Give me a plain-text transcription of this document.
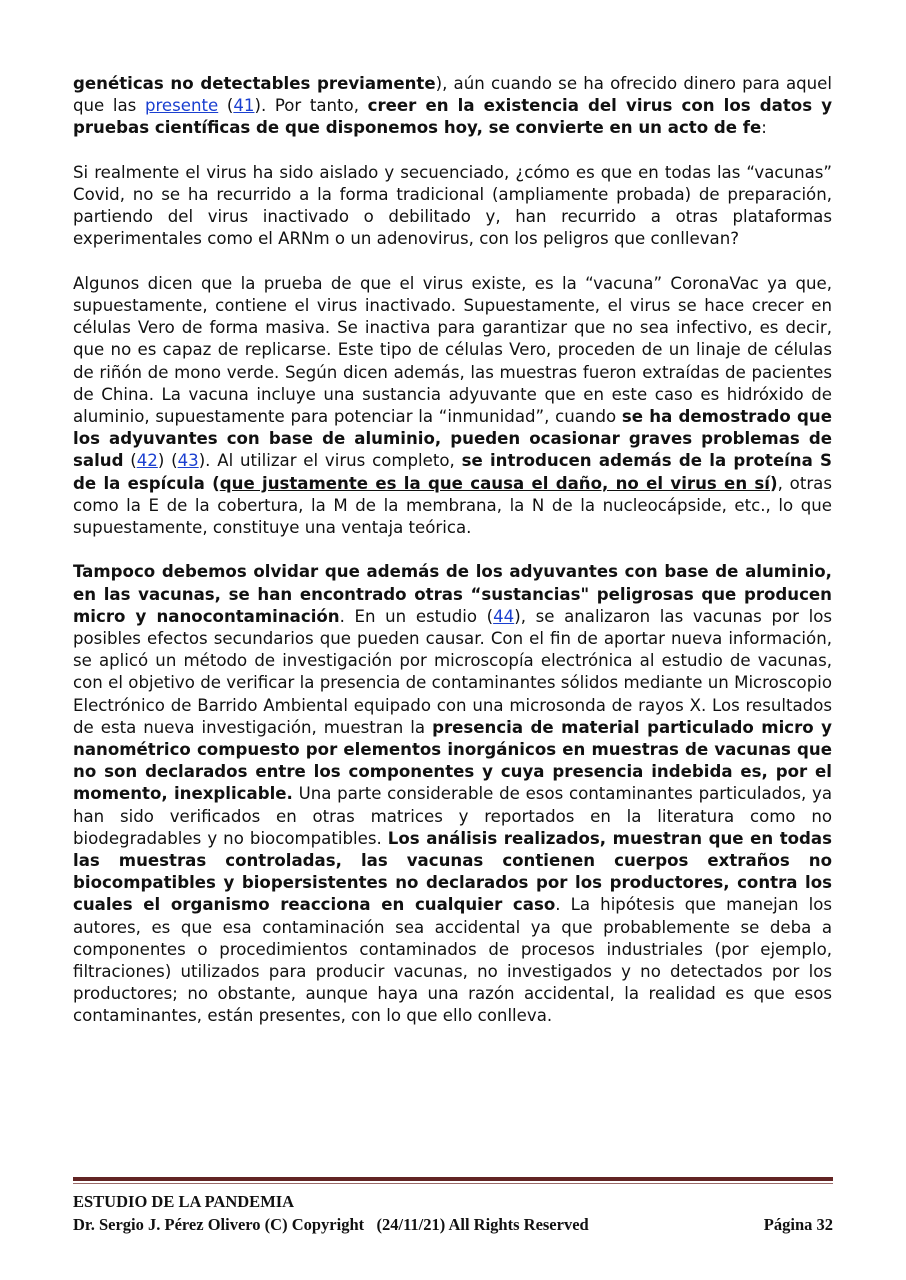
genéticas no detectables previamente), aún cuando se ha ofrecido dinero para aquel que las presente (41). Por tanto, creer en la existencia del virus con los datos y pruebas científicas de que disponemos hoy, se convierte en un acto de fe:

Si realmente el virus ha sido aislado y secuenciado, ¿cómo es que en todas las “vacunas” Covid, no se ha recurrido a la forma tradicional (ampliamente probada) de preparación, partiendo del virus inactivado o debilitado y, han recurrido a otras plataformas experimentales como el ARNm o un adenovirus, con los peligros que conllevan?

Algunos dicen que la prueba de que el virus existe, es la “vacuna” CoronaVac ya que, supuestamente, contiene el virus inactivado. Supuestamente, el virus se hace crecer en células Vero de forma masiva. Se inactiva para garantizar que no sea infectivo, es decir, que no es capaz de replicarse. Este tipo de células Vero, proceden de un linaje de células de riñón de mono verde. Según dicen además, las muestras fueron extraídas de pacientes de China. La vacuna incluye una sustancia adyuvante que en este caso es hidróxido de aluminio, supuestamente para potenciar la “inmunidad”, cuando se ha demostrado que los adyuvantes con base de aluminio, pueden ocasionar graves problemas de salud (42) (43). Al utilizar el virus completo, se introducen además de la proteína S de la espícula (que justamente es la que causa el daño, no el virus en sí), otras como la E de la cobertura, la M de la membrana, la N de la nucleocápside, etc., lo que supuestamente, constituye una ventaja teórica.

Tampoco debemos olvidar que además de los adyuvantes con base de aluminio, en las vacunas, se han encontrado otras “sustancias" peligrosas que producen micro y nanocontaminación. En un estudio (44), se analizaron las vacunas por los posibles efectos secundarios que pueden causar. Con el fin de aportar nueva información, se aplicó un método de investigación por microscopía electrónica al estudio de vacunas, con el objetivo de verificar la presencia de contaminantes sólidos mediante un Microscopio Electrónico de Barrido Ambiental equipado con una microsonda de rayos X. Los resultados de esta nueva investigación, muestran la presencia de material particulado micro y nanométrico compuesto por elementos inorgánicos en muestras de vacunas que no son declarados entre los componentes y cuya presencia indebida es, por el momento, inexplicable. Una parte considerable de esos contaminantes particulados, ya han sido verificados en otras matrices y reportados en la literatura como no biodegradables y no biocompatibles. Los análisis realizados, muestran que en todas las muestras controladas, las vacunas contienen cuerpos extraños no biocompatibles y biopersistentes no declarados por los productores, contra los cuales el organismo reacciona en cualquier caso. La hipótesis que manejan los autores, es que esa contaminación sea accidental ya que probablemente se deba a componentes o procedimientos contaminados de procesos industriales (por ejemplo, filtraciones) utilizados para producir vacunas, no investigados y no detectados por los productores; no obstante, aunque haya una razón accidental, la realidad es que esos contaminantes, están presentes, con lo que ello conlleva.

ESTUDIO DE LA PANDEMIA
Dr. Sergio J. Pérez Olivero (C) Copyright   (24/11/21) All Rights Reserved	Página 32
